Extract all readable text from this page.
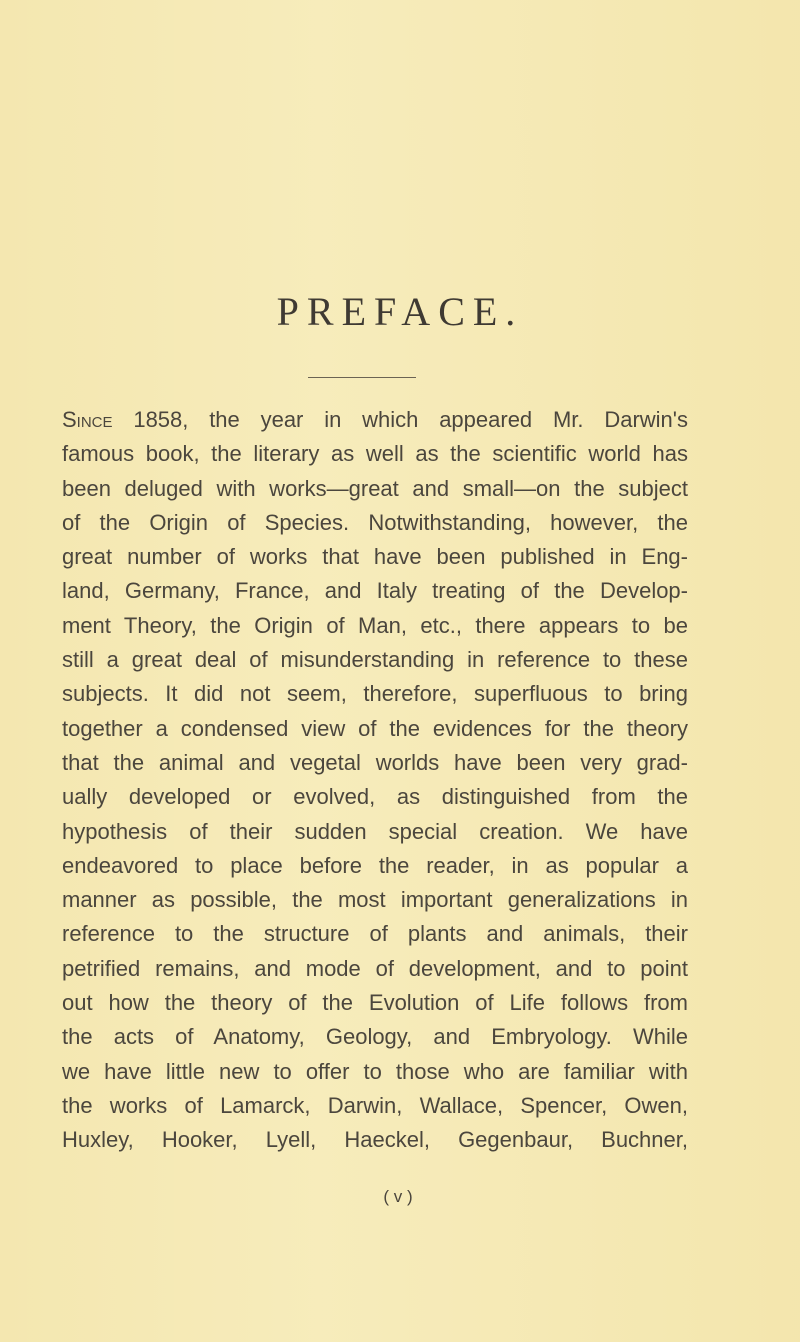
PREFACE.
Since 1858, the year in which appeared Mr. Darwin's
famous book, the literary as well as the scientific world has
been deluged with works—great and small—on the subject
of the Origin of Species. Notwithstanding, however, the
great number of works that have been published in Eng-
land, Germany, France, and Italy treating of the Develop-
ment Theory, the Origin of Man, etc., there appears to be
still a great deal of misunderstanding in reference to these
subjects. It did not seem, therefore, superfluous to bring
together a condensed view of the evidences for the theory
that the animal and vegetal worlds have been very grad-
ually developed or evolved, as distinguished from the
hypothesis of their sudden special creation. We have
endeavored to place before the reader, in as popular a
manner as possible, the most important generalizations in
reference to the structure of plants and animals, their
petrified remains, and mode of development, and to point
out how the theory of the Evolution of Life follows from
the acts of Anatomy, Geology, and Embryology. While
we have little new to offer to those who are familiar with
the works of Lamarck, Darwin, Wallace, Spencer, Owen,
Huxley, Hooker, Lyell, Haeckel, Gegenbaur, Buchner,
( v )
